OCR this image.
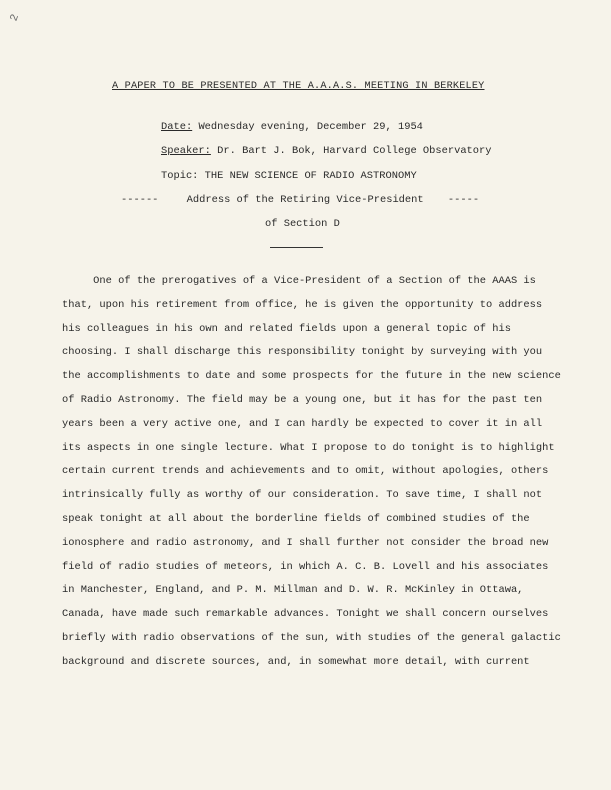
2
A PAPER TO BE PRESENTED AT THE A.A.A.S. MEETING IN BERKELEY
Date: Wednesday evening, December 29, 1954
Speaker: Dr. Bart J. Bok, Harvard College Observatory
Topic: THE NEW SCIENCE OF RADIO ASTRONOMY
------	Address of the Retiring Vice-President -----
of Section D
One of the prerogatives of a Vice-President of a Section of the AAAS is
that, upon his retirement from office, he is given the opportunity to address
his colleagues in his own and related fields upon a general topic of his
choosing. I shall discharge this responsibility tonight by surveying with you
the accomplishments to date and some prospects for the future in the new science
of Radio Astronomy. The field may be a young one, but it has for the past ten
years been a very active one, and I can hardly be expected to cover it in all
its aspects in one single lecture. What I propose to do tonight is to highlight
certain current trends and achievements and to omit, without apologies, others
intrinsically fully as worthy of our consideration. To save time, I shall not
speak tonight at all about the borderline fields of combined studies of the
ionosphere and radio astronomy, and I shall further not consider the broad new
field of radio studies of meteors, in which A. C. B. Lovell and his associates
in Manchester, England, and P. M. Millman and D. W. R. McKinley in Ottawa,
Canada, have made such remarkable advances. Tonight we shall concern ourselves
briefly with radio observations of the sun, with studies of the general galactic
background and discrete sources, and, in somewhat more detail, with current
